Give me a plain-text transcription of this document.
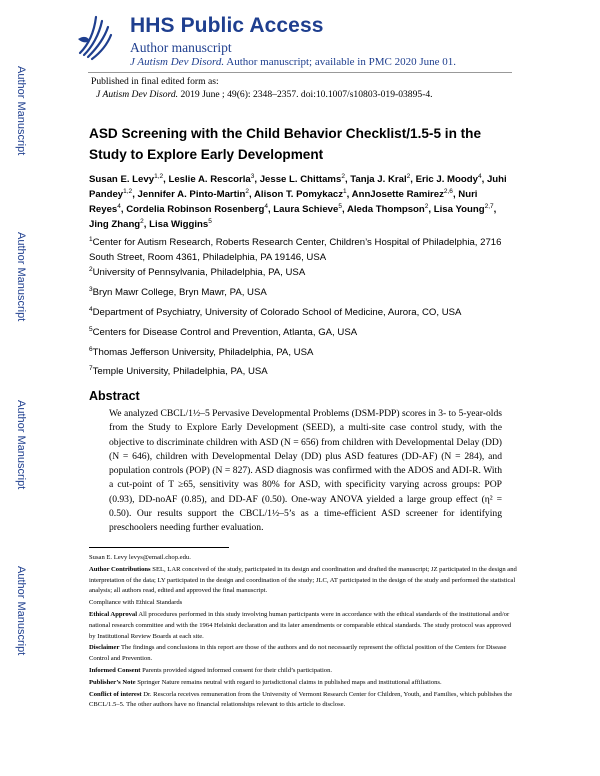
HHS Public Access
Author manuscript
J Autism Dev Disord. Author manuscript; available in PMC 2020 June 01.
Published in final edited form as:
J Autism Dev Disord. 2019 June ; 49(6): 2348–2357. doi:10.1007/s10803-019-03895-4.
Author Manuscript
Author Manuscript
Author Manuscript
Author Manuscript
ASD Screening with the Child Behavior Checklist/1.5-5 in the Study to Explore Early Development
Susan E. Levy$^{1,2}$, Leslie A. Rescorla$^3$, Jesse L. Chittams$^2$, Tanja J. Kral$^2$, Eric J. Moody$^4$, Juhi Pandey$^{1,2}$, Jennifer A. Pinto-Martin$^2$, Alison T. Pomykacz$^1$, AnnJosette Ramirez$^{2,6}$, Nuri Reyes$^4$, Cordelia Robinson Rosenberg$^4$, Laura Schieve$^5$, Aleda Thompson$^2$, Lisa Young$^{2,7}$, Jing Zhang$^2$, Lisa Wiggins$^5$
$^1$Center for Autism Research, Roberts Research Center, Children’s Hospital of Philadelphia, 2716 South Street, Room 4361, Philadelphia, PA 19146, USA
$^2$University of Pennsylvania, Philadelphia, PA, USA
$^3$Bryn Mawr College, Bryn Mawr, PA, USA
$^4$Department of Psychiatry, University of Colorado School of Medicine, Aurora, CO, USA
$^5$Centers for Disease Control and Prevention, Atlanta, GA, USA
$^6$Thomas Jefferson University, Philadelphia, PA, USA
$^7$Temple University, Philadelphia, PA, USA
Abstract
We analyzed CBCL/1½–5 Pervasive Developmental Problems (DSM-PDP) scores in 3- to 5-year-olds from the Study to Explore Early Development (SEED), a multi-site case control study, with the objective to discriminate children with ASD (N = 656) from children with Developmental Delay (DD) (N = 646), children with Developmental Delay (DD) plus ASD features (DD-AF) (N = 284), and population controls (POP) (N = 827). ASD diagnosis was confirmed with the ADOS and ADI-R. With a cut-point of T ≥65, sensitivity was 80% for ASD, with specificity varying across groups: POP (0.93), DD-noAF (0.85), and DD-AF (0.50). One-way ANOVA yielded a large group effect (η² = 0.50). Our results support the CBCL/1½–5’s as a time-efficient ASD screener for identifying preschoolers needing further evaluation.

Susan E. Levy levys@email.chop.edu.

Author Contributions SEL, LAR conceived of the study, participated in its design and coordination and drafted the manuscript; JZ participated in the design and interpretation of the data; LY participated in the design and coordination of the study; JLC, AT participated in the design of the study and performed the statistical analysis; all authors read, edited and approved the final manuscript.

Compliance with Ethical Standards

Ethical Approval All procedures performed in this study involving human participants were in accordance with the ethical standards of the institutional and/or national research committee and with the 1964 Helsinki declaration and its later amendments or comparable ethical standards. The study protocol was approved by Institutional Review Boards at each site.

Disclaimer The findings and conclusions in this report are those of the authors and do not necessarily represent the official position of the Centers for Disease Control and Prevention.

Informed Consent Parents provided signed informed consent for their child’s participation.

Publisher’s Note Springer Nature remains neutral with regard to jurisdictional claims in published maps and institutional affiliations.

Conflict of interest Dr. Rescorla receives remuneration from the University of Vermont Research Center for Children, Youth, and Families, which publishes the CBCL/1.5–5. The other authors have no financial relationships relevant to this article to disclose.
